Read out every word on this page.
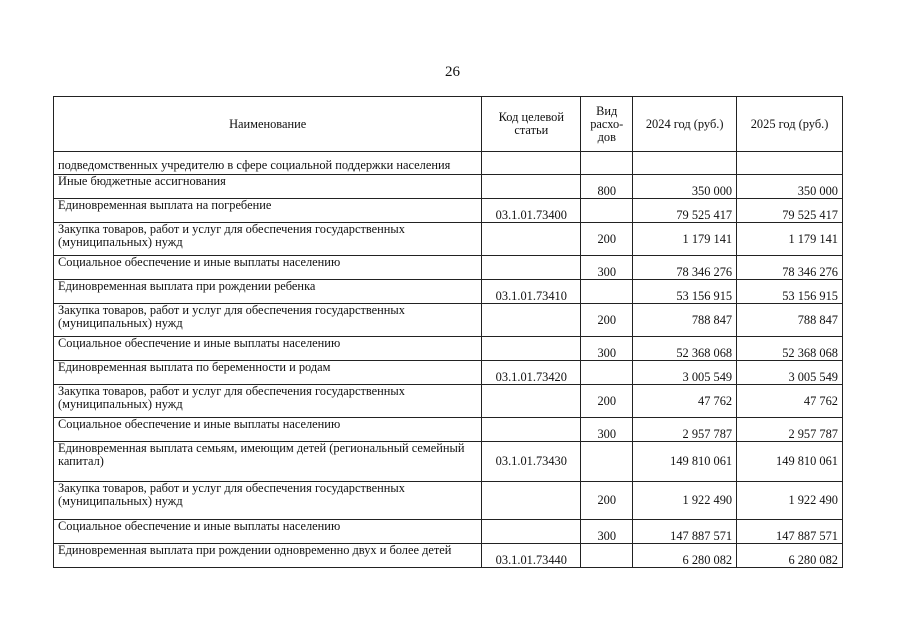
26
Наименование	Код целевой статьи	Вид расхо-дов	2024 год (руб.)	2025 год (руб.)
подведомственных учредителю в сфере социальной поддержки населения				
Иные бюджетные ассигнования		800	350 000	350 000
Единовременная выплата на погребение	03.1.01.73400		79 525 417	79 525 417
Закупка товаров, работ и услуг для обеспечения государственных (муниципальных) нужд		200	1 179 141	1 179 141
Социальное обеспечение и иные выплаты населению		300	78 346 276	78 346 276
Единовременная выплата при рождении ребенка	03.1.01.73410		53 156 915	53 156 915
Закупка товаров, работ и услуг для обеспечения государственных (муниципальных) нужд		200	788 847	788 847
Социальное обеспечение и иные выплаты населению		300	52 368 068	52 368 068
Единовременная выплата по беременности и родам	03.1.01.73420		3 005 549	3 005 549
Закупка товаров, работ и услуг для обеспечения государственных (муниципальных) нужд		200	47 762	47 762
Социальное обеспечение и иные выплаты населению		300	2 957 787	2 957 787
Единовременная выплата семьям, имеющим детей (региональный семейный капитал)	03.1.01.73430		149 810 061	149 810 061
Закупка товаров, работ и услуг для обеспечения государственных (муниципальных) нужд		200	1 922 490	1 922 490
Социальное обеспечение и иные выплаты населению		300	147 887 571	147 887 571
Единовременная выплата при рождении одновременно двух и более детей	03.1.01.73440		6 280 082	6 280 082
